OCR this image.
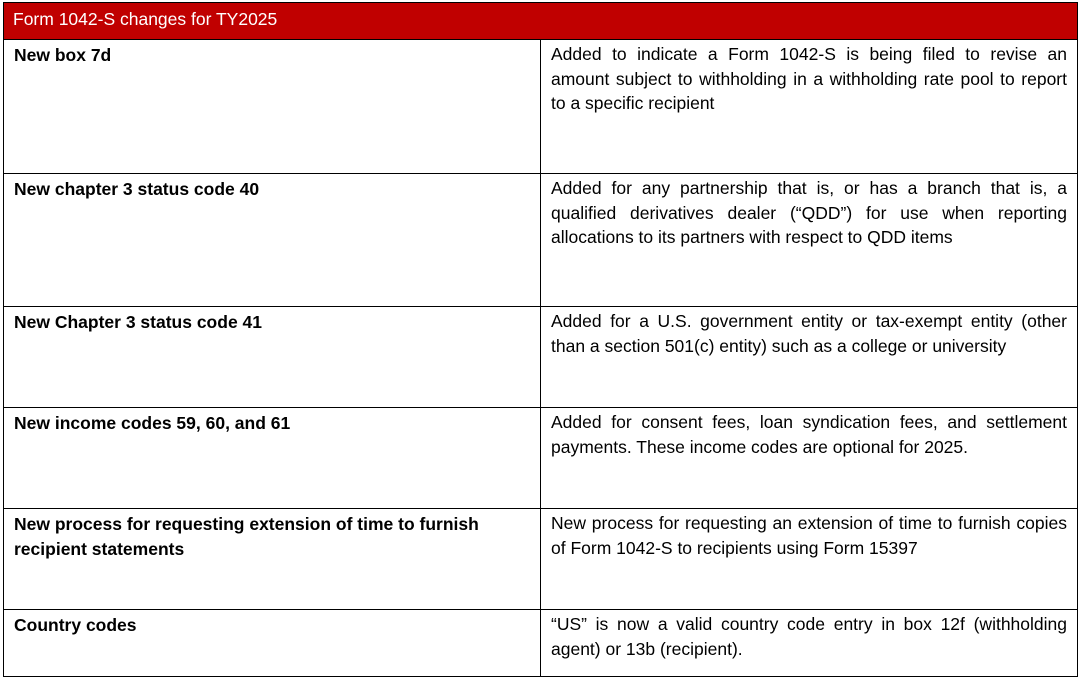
Form 1042-S changes for TY2025	
New box 7d	Added to indicate a Form 1042-S is being filed to revise an amount subject to withholding in a withholding rate pool to report to a specific recipient
New chapter 3 status code 40	Added for any partnership that is, or has a branch that is, a qualified derivatives dealer (“QDD”) for use when reporting allocations to its partners with respect to QDD items
New Chapter 3 status code 41	Added for a U.S. government entity or tax-exempt entity (other than a section 501(c) entity) such as a college or university
New income codes 59, 60, and 61	Added for consent fees, loan syndication fees, and settlement payments. These income codes are optional for 2025.
New process for requesting extension of time to furnish recipient statements	New process for requesting an extension of time to furnish copies of Form 1042-S to recipients using Form 15397
Country codes	“US” is now a valid country code entry in box 12f (withholding agent) or 13b (recipient).
